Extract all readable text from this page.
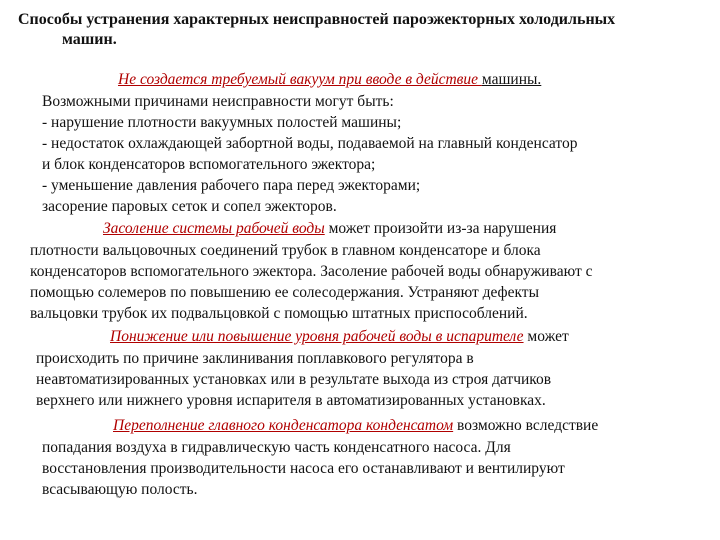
Способы устранения характерных неисправностей пароэжекторных холодильных
машин.
Не создается требуемый вакуум при вводе в действие машины.
Возможными причинами неисправности могут быть:
- нарушение плотности вакуумных полостей машины;
- недостаток охлаждающей забортной воды, подаваемой на главный конденсатор
и блок конденсаторов вспомогательного эжектора;
- уменьшение давления рабочего пара перед эжекторами;
засорение паровых сеток и сопел эжекторов.
Засоление системы рабочей воды может произойти из-за нарушения
плотности вальцовочных соединений трубок в главном конденсаторе и блока
конденсаторов вспомогательного эжектора. Засоление рабочей воды обнаруживают с
помощью солемеров по повышению ее солесодержания. Устраняют дефекты
вальцовки трубок их подвальцовкой с помощью штатных приспособлений.
Понижение или повышение уровня рабочей воды в испарителе может
происходить по причине заклинивания поплавкового регулятора в
неавтоматизированных установках или в результате выхода из строя датчиков
верхнего или нижнего уровня испарителя в автоматизированных установках.
Переполнение главного конденсатора конденсатом возможно вследствие
попадания воздуха в гидравлическую часть конденсатного насоса. Для
восстановления производительности насоса его останавливают и вентилируют
всасывающую полость.
